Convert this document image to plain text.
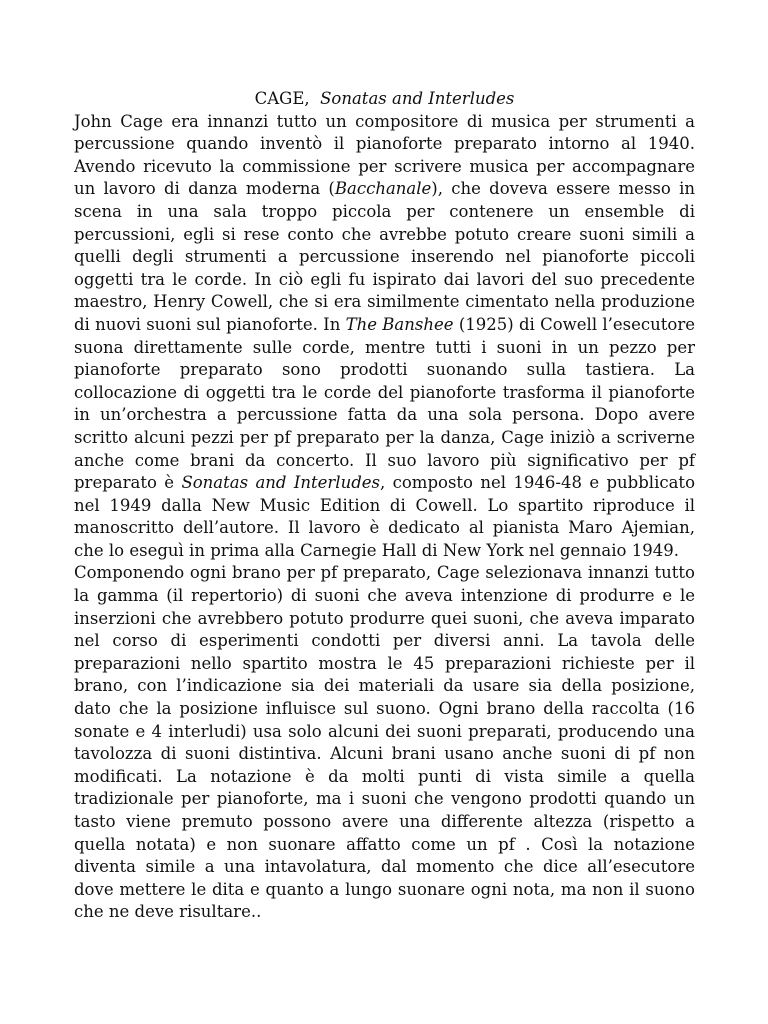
CAGE, Sonatas and Interludes

John Cage era innanzi tutto un compositore di musica per strumenti a percussione quando inventò il pianoforte preparato intorno al 1940. Avendo ricevuto la commissione per scrivere musica per accompagnare un lavoro di danza moderna (Bacchanale), che doveva essere messo in scena in una sala troppo piccola per contenere un ensemble di percussioni, egli si rese conto che avrebbe potuto creare suoni simili a quelli degli strumenti a percussione inserendo nel pianoforte piccoli oggetti tra le corde. In ciò egli fu ispirato dai lavori del suo precedente maestro, Henry Cowell, che si era similmente cimentato nella produzione di nuovi suoni sul pianoforte. In The Banshee (1925) di Cowell l’esecutore suona direttamente sulle corde, mentre tutti i suoni in un pezzo per pianoforte preparato sono prodotti suonando sulla tastiera. La collocazione di oggetti tra le corde del pianoforte trasforma il pianoforte in un’orchestra a percussione fatta da una sola persona. Dopo avere scritto alcuni pezzi per pf preparato per la danza, Cage iniziò a scriverne anche come brani da concerto. Il suo lavoro più significativo per pf preparato è Sonatas and Interludes, composto nel 1946-48 e pubblicato nel 1949 dalla New Music Edition di Cowell. Lo spartito riproduce il manoscritto dell’autore. Il lavoro è dedicato al pianista Maro Ajemian, che lo eseguì in prima alla Carnegie Hall di New York nel gennaio 1949.

Componendo ogni brano per pf preparato, Cage selezionava innanzi tutto la gamma (il repertorio) di suoni che aveva intenzione di produrre e le inserzioni che avrebbero potuto produrre quei suoni, che aveva imparato nel corso di esperimenti condotti per diversi anni. La tavola delle preparazioni nello spartito mostra le 45 preparazioni richieste per il brano, con l’indicazione sia dei materiali da usare sia della posizione, dato che la posizione influisce sul suono. Ogni brano della raccolta (16 sonate e 4 interludi) usa solo alcuni dei suoni preparati, producendo una tavolozza di suoni distintiva. Alcuni brani usano anche suoni di pf non modificati. La notazione è da molti punti di vista simile a quella tradizionale per pianoforte, ma i suoni che vengono prodotti quando un tasto viene premuto possono avere una differente altezza (rispetto a quella notata) e non suonare affatto come un pf . Così la notazione diventa simile a una intavolatura, dal momento che dice all’esecutore dove mettere le dita e quanto a lungo suonare ogni nota, ma non il suono che ne deve risultare..
